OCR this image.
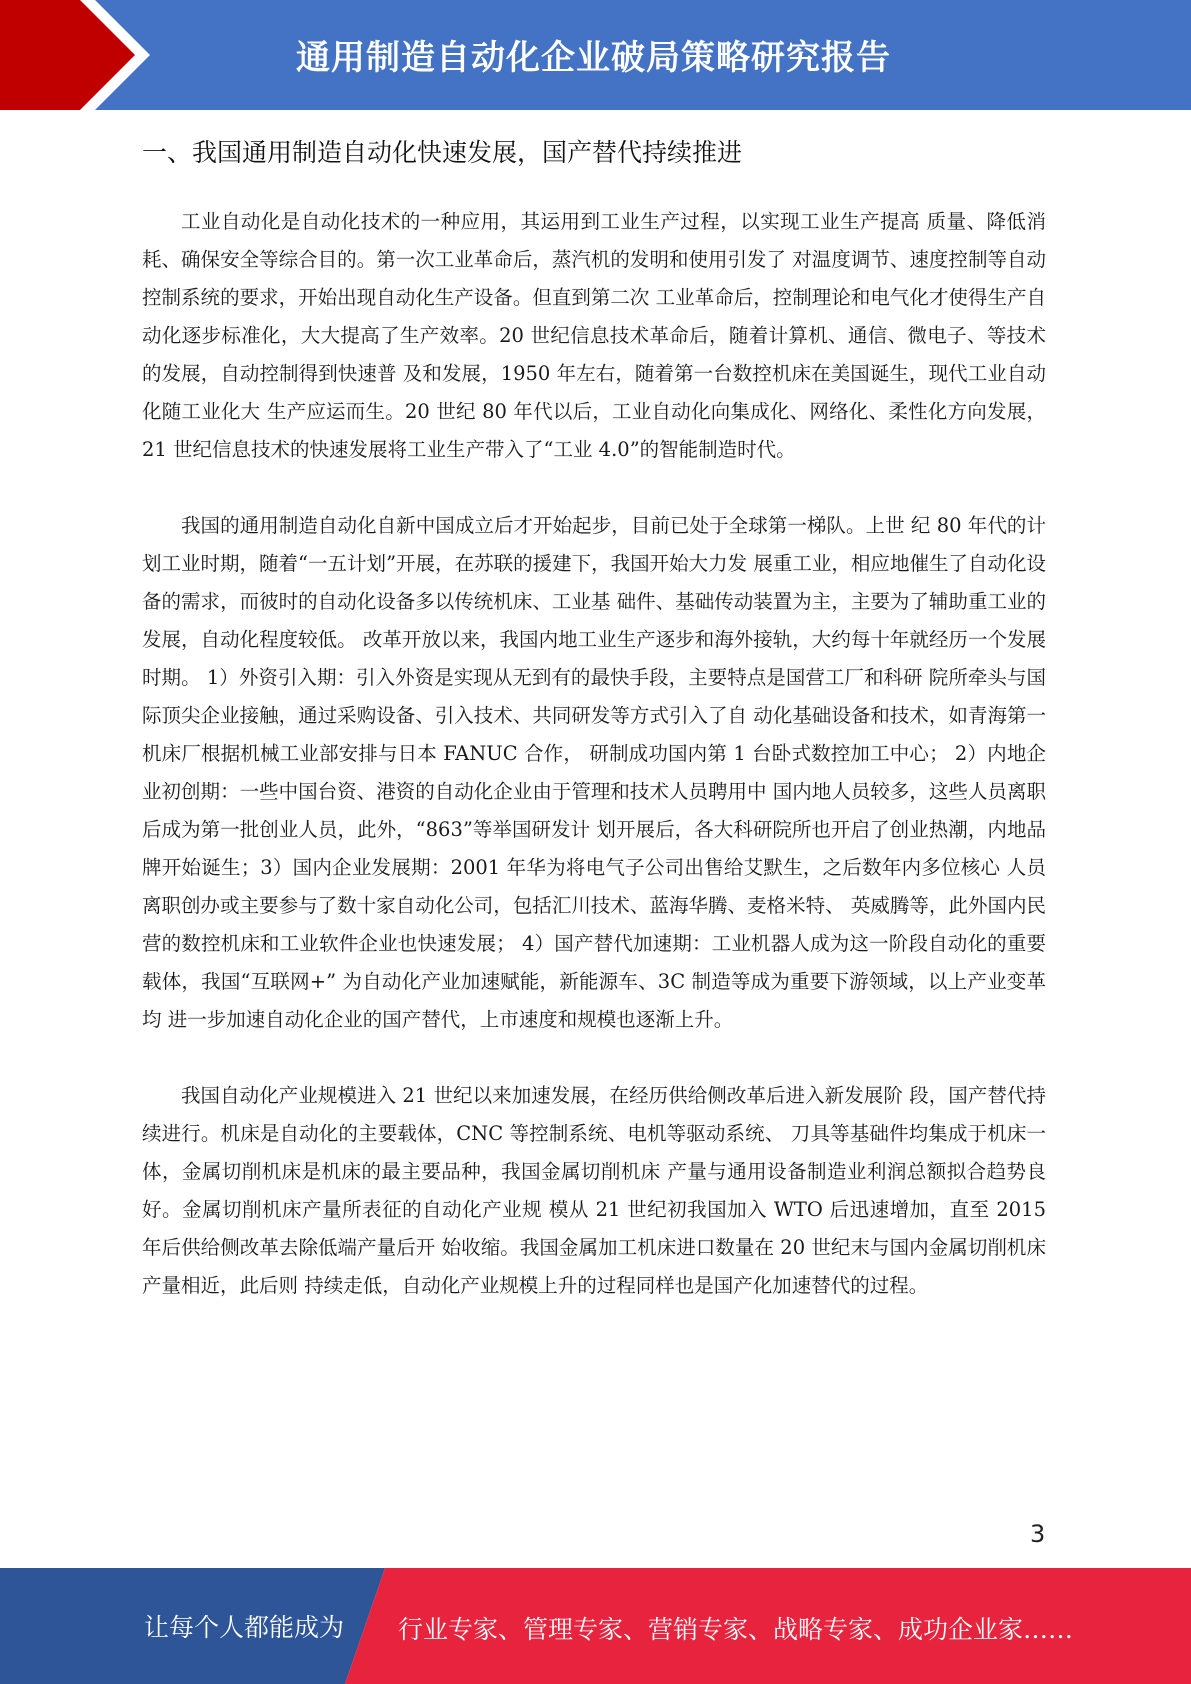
通用制造自动化企业破局策略研究报告
一、我国通用制造自动化快速发展，国产替代持续推进

工业自动化是自动化技术的一种应用，其运用到工业生产过程，以实现工业生产提高 质量、降低消耗、确保安全等综合目的。第一次工业革命后，蒸汽机的发明和使用引发了 对温度调节、速度控制等自动控制系统的要求，开始出现自动化生产设备。但直到第二次 工业革命后，控制理论和电气化才使得生产自动化逐步标准化，大大提高了生产效率。20 世纪信息技术革命后，随着计算机、通信、微电子、等技术的发展，自动控制得到快速普 及和发展，1950 年左右，随着第一台数控机床在美国诞生，现代工业自动化随工业化大 生产应运而生。20 世纪 80 年代以后，工业自动化向集成化、网络化、柔性化方向发展， 21 世纪信息技术的快速发展将工业生产带入了“工业 4.0”的智能制造时代。

我国的通用制造自动化自新中国成立后才开始起步，目前已处于全球第一梯队。上世 纪 80 年代的计划工业时期，随着“一五计划”开展，在苏联的援建下，我国开始大力发 展重工业，相应地催生了自动化设备的需求，而彼时的自动化设备多以传统机床、工业基 础件、基础传动装置为主，主要为了辅助重工业的发展，自动化程度较低。 改革开放以来，我国内地工业生产逐步和海外接轨，大约每十年就经历一个发展时期。 1）外资引入期：引入外资是实现从无到有的最快手段，主要特点是国营工厂和科研 院所牵头与国际顶尖企业接触，通过采购设备、引入技术、共同研发等方式引入了自 动化基础设备和技术，如青海第一机床厂根据机械工业部安排与日本 FANUC 合作， 研制成功国内第 1 台卧式数控加工中心； 2）内地企业初创期：一些中国台资、港资的自动化企业由于管理和技术人员聘用中 国内地人员较多，这些人员离职后成为第一批创业人员，此外，“863”等举国研发计 划开展后，各大科研院所也开启了创业热潮，内地品牌开始诞生；3）国内企业发展期：2001 年华为将电气子公司出售给艾默生，之后数年内多位核心 人员离职创办或主要参与了数十家自动化公司，包括汇川技术、蓝海华腾、麦格米特、 英威腾等，此外国内民营的数控机床和工业软件企业也快速发展； 4）国产替代加速期：工业机器人成为这一阶段自动化的重要载体，我国“互联网+” 为自动化产业加速赋能，新能源车、3C 制造等成为重要下游领域，以上产业变革均 进一步加速自动化企业的国产替代，上市速度和规模也逐渐上升。

我国自动化产业规模进入 21 世纪以来加速发展，在经历供给侧改革后进入新发展阶 段，国产替代持续进行。机床是自动化的主要载体，CNC 等控制系统、电机等驱动系统、 刀具等基础件均集成于机床一体，金属切削机床是机床的最主要品种，我国金属切削机床 产量与通用设备制造业利润总额拟合趋势良好。金属切削机床产量所表征的自动化产业规 模从 21 世纪初我国加入 WTO 后迅速增加，直至 2015 年后供给侧改革去除低端产量后开 始收缩。我国金属加工机床进口数量在 20 世纪末与国内金属切削机床产量相近，此后则 持续走低，自动化产业规模上升的过程同样也是国产化加速替代的过程。

3
让每个人都能成为 行业专家、管理专家、营销专家、战略专家、成功企业家……
